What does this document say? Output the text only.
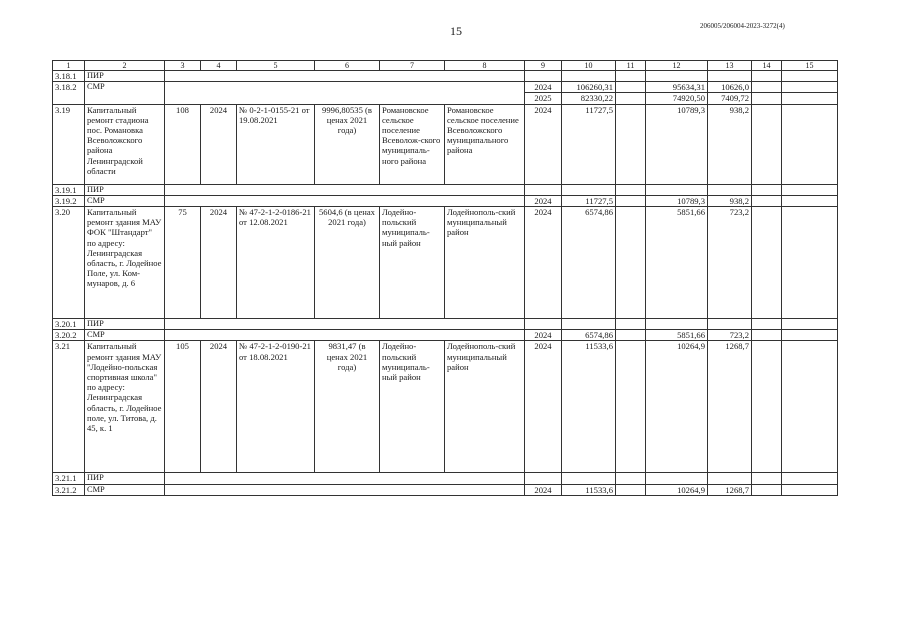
15	206005/206004-2023-3272(4)
1	2	3	4	5	6	7	8	9	10	11	12	13	14	15
3.18.1	ПИР													
3.18.2	СМР							2024	106260,31		95634,31	10626,0		
								2025	82330,22		74920,50	7409,72		
3.19	Капитальный ремонт стадиона пос. Романовка Всеволожского района Ленинградской области	108	2024	№ 0-2-1-0155-21 от 19.08.2021	9996,80535 (в ценах 2021 года)	Романовское сельское поселение Всеволож-ского муниципаль-ного района	Романовское сельское поселение Всеволожского муниципального района	2024	11727,5		10789,3	938,2		
3.19.1	ПИР													
3.19.2	СМР							2024	11727,5		10789,3	938,2		
3.20	Капитальный ремонт здания МАУ ФОК "Штандарт" по адресу: Ленинградская область, г. Лодейное Поле, ул. Ком-мунаров, д. 6	75	2024	№ 47-2-1-2-0186-21 от 12.08.2021	5604,6 (в ценах 2021 года)	Лодейно-польский муниципаль-ный район	Лодейнополь-ский муниципальный район	2024	6574,86		5851,66	723,2		
3.20.1	ПИР													
3.20.2	СМР							2024	6574,86		5851,66	723,2		
3.21	Капитальный ремонт здания МАУ "Лодейно-польская спортивная школа" по адресу: Ленинградская область, г. Лодейное поле, ул. Титова, д. 45, к. 1	105	2024	№ 47-2-1-2-0190-21 от 18.08.2021	9831,47 (в ценах 2021 года)	Лодейно-польский муниципаль-ный район	Лодейнополь-ский муниципальный район	2024	11533,6		10264,9	1268,7		
3.21.1	ПИР													
3.21.2	СМР							2024	11533,6		10264,9	1268,7		
